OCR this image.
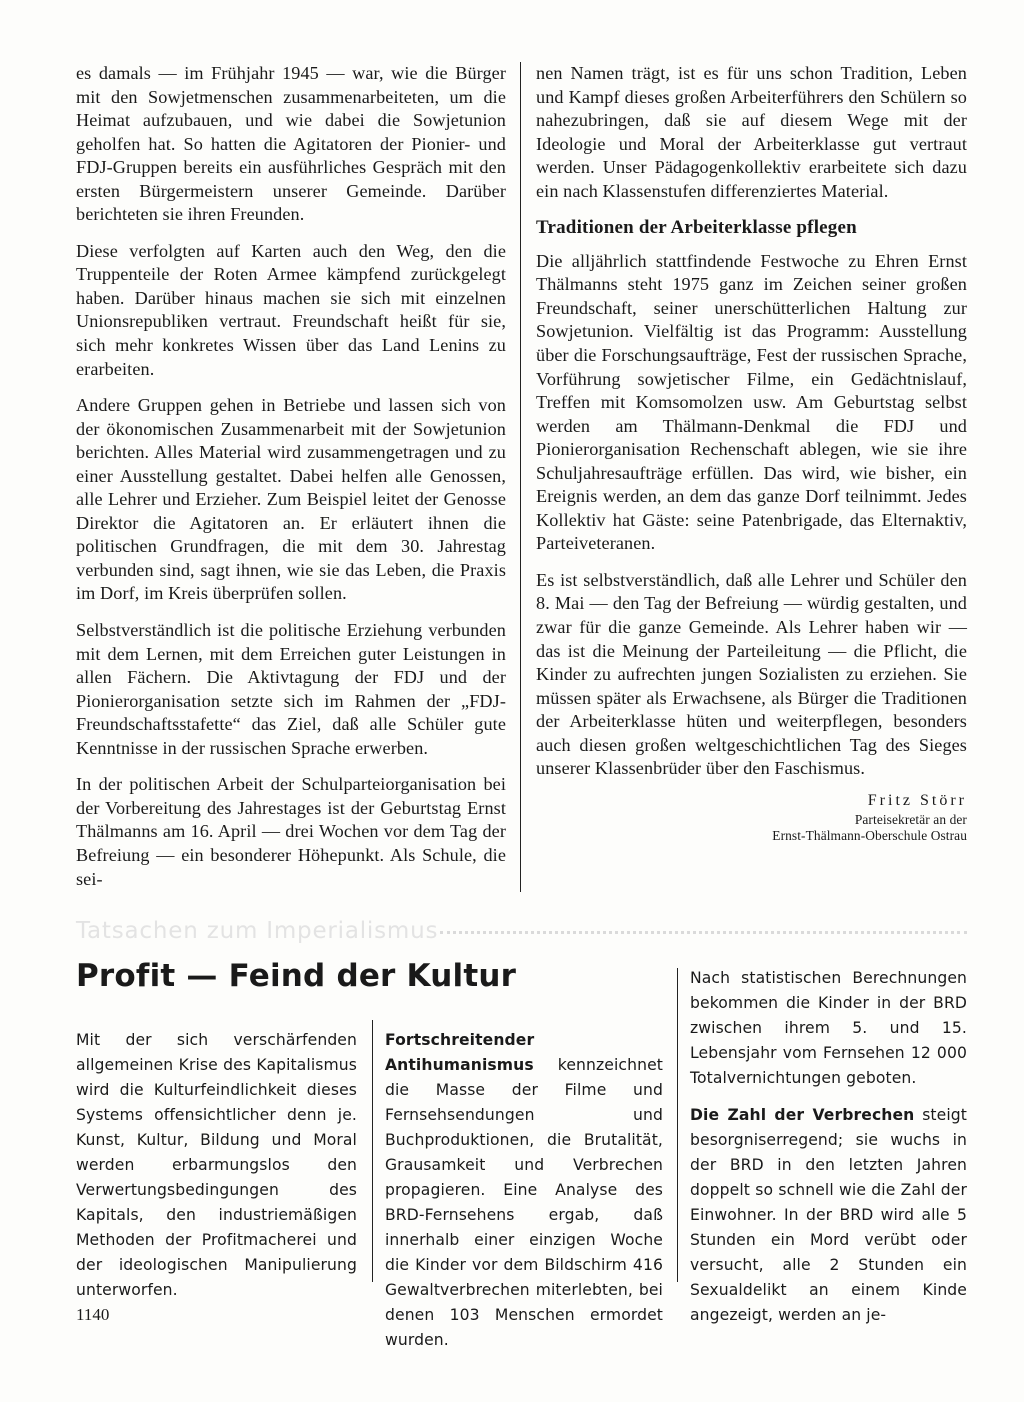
es damals — im Frühjahr 1945 — war, wie die Bürger mit den Sowjetmenschen zusammenarbeiteten, um die Heimat aufzubauen, und wie dabei die Sowjetunion geholfen hat. So hatten die Agitatoren der Pionier- und FDJ-Gruppen bereits ein ausführliches Gespräch mit den ersten Bürgermeistern unserer Gemeinde. Darüber berichteten sie ihren Freunden.

Diese verfolgten auf Karten auch den Weg, den die Truppenteile der Roten Armee kämpfend zurückgelegt haben. Darüber hinaus machen sie sich mit einzelnen Unionsrepubliken vertraut. Freundschaft heißt für sie, sich mehr konkretes Wissen über das Land Lenins zu erarbeiten.

Andere Gruppen gehen in Betriebe und lassen sich von der ökonomischen Zusammenarbeit mit der Sowjetunion berichten. Alles Material wird zusammengetragen und zu einer Ausstellung gestaltet. Dabei helfen alle Genossen, alle Lehrer und Erzieher. Zum Beispiel leitet der Genosse Direktor die Agitatoren an. Er erläutert ihnen die politischen Grundfragen, die mit dem 30. Jahrestag verbunden sind, sagt ihnen, wie sie das Leben, die Praxis im Dorf, im Kreis überprüfen sollen.

Selbstverständlich ist die politische Erziehung verbunden mit dem Lernen, mit dem Erreichen guter Leistungen in allen Fächern. Die Aktivtagung der FDJ und der Pionierorganisation setzte sich im Rahmen der „FDJ-Freundschaftsstafette“ das Ziel, daß alle Schüler gute Kenntnisse in der russischen Sprache erwerben.

In der politischen Arbeit der Schulparteiorganisation bei der Vorbereitung des Jahrestages ist der Geburtstag Ernst Thälmanns am 16. April — drei Wochen vor dem Tag der Befreiung — ein besonderer Höhepunkt. Als Schule, die sei-

nen Namen trägt, ist es für uns schon Tradition, Leben und Kampf dieses großen Arbeiterführers den Schülern so nahezubringen, daß sie auf diesem Wege mit der Ideologie und Moral der Arbeiterklasse gut vertraut werden. Unser Pädagogenkollektiv erarbeitete sich dazu ein nach Klassenstufen differenziertes Material.

Traditionen der Arbeiterklasse pflegen

Die alljährlich stattfindende Festwoche zu Ehren Ernst Thälmanns steht 1975 ganz im Zeichen seiner großen Freundschaft, seiner unerschütterlichen Haltung zur Sowjetunion. Vielfältig ist das Programm: Ausstellung über die Forschungsaufträge, Fest der russischen Sprache, Vorführung sowjetischer Filme, ein Gedächtnislauf, Treffen mit Komsomolzen usw. Am Geburtstag selbst werden am Thälmann-Denkmal die FDJ und Pionierorganisation Rechenschaft ablegen, wie sie ihre Schuljahresaufträge erfüllen. Das wird, wie bisher, ein Ereignis werden, an dem das ganze Dorf teilnimmt. Jedes Kollektiv hat Gäste: seine Patenbrigade, das Elternaktiv, Parteiveteranen.

Es ist selbstverständlich, daß alle Lehrer und Schüler den 8. Mai — den Tag der Befreiung — würdig gestalten, und zwar für die ganze Gemeinde. Als Lehrer haben wir — das ist die Meinung der Parteileitung — die Pflicht, die Kinder zu aufrechten jungen Sozialisten zu erziehen. Sie müssen später als Erwachsene, als Bürger die Traditionen der Arbeiterklasse hüten und weiterpflegen, besonders auch diesen großen weltgeschichtlichen Tag des Sieges unserer Klassenbrüder über den Faschismus.

Fritz Störr
Parteisekretär an der
Ernst-Thälmann-Oberschule Ostrau
Tatsachen zum Imperialismus
Profit — Feind der Kultur

Mit der sich verschärfenden allgemeinen Krise des Kapitalismus wird die Kulturfeindlichkeit dieses Systems offensichtlicher denn je. Kunst, Kultur, Bildung und Moral werden erbarmungslos den Verwertungsbedingungen des Kapitals, den industriemäßigen Methoden der Profitmacherei und der ideologischen Manipulierung unterworfen.

Fortschreitender Antihumanismus kennzeichnet die Masse der Filme und Fernsehsendungen und Buchproduktionen, die Brutalität, Grausamkeit und Verbrechen propagieren. Eine Analyse des BRD-Fernsehens ergab, daß innerhalb einer einzigen Woche die Kinder vor dem Bildschirm 416 Gewaltverbrechen miterlebten, bei denen 103 Menschen ermordet wurden.

Nach statistischen Berechnungen bekommen die Kinder in der BRD zwischen ihrem 5. und 15. Lebensjahr vom Fernsehen 12 000 Totalvernichtungen geboten.

Die Zahl der Verbrechen steigt besorgniserregend; sie wuchs in der BRD in den letzten Jahren doppelt so schnell wie die Zahl der Einwohner. In der BRD wird alle 5 Stunden ein Mord verübt oder versucht, alle 2 Stunden ein Sexualdelikt an einem Kinde angezeigt, werden an je-

1140
